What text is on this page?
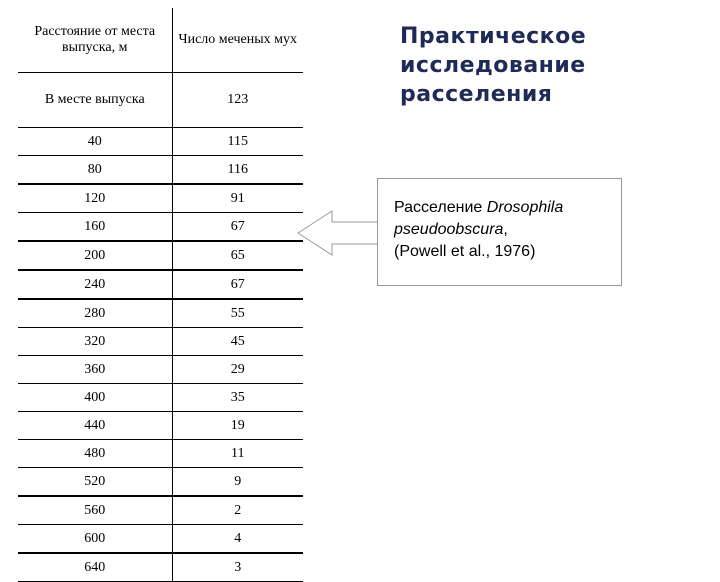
Расстояние от места выпуска, м	Число меченых мух
В месте выпуска	123
40	115
80	116
120	91
160	67
200	65
240	67
280	55
320	45
360	29
400	35
440	19
480	11
520	9
560	2
600	4
640	3
Практическое исследование расселения
Расселение Drosophila pseudoobscura,
(Powell et al., 1976)
